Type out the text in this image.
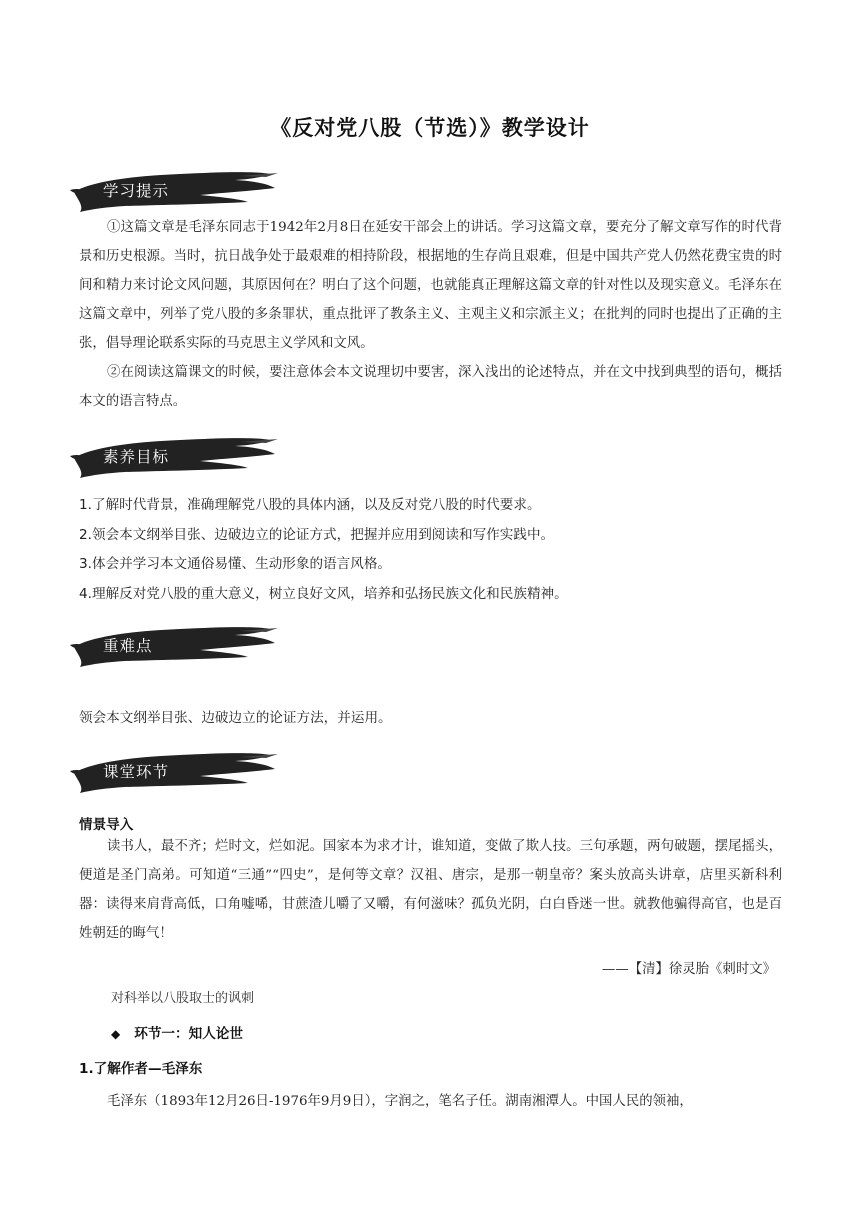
《反对党八股（节选）》教学设计
学习提示

①这篇文章是毛泽东同志于1942年2月8日在延安干部会上的讲话。学习这篇文章，要充分了解文章写作的时代背景和历史根源。当时，抗日战争处于最艰难的相持阶段，根据地的生存尚且艰难，但是中国共产党人仍然花费宝贵的时间和精力来讨论文风问题，其原因何在？明白了这个问题，也就能真正理解这篇文章的针对性以及现实意义。毛泽东在这篇文章中，列举了党八股的多条罪状，重点批评了教条主义、主观主义和宗派主义；在批判的同时也提出了正确的主张，倡导理论联系实际的马克思主义学风和文风。

②在阅读这篇课文的时候，要注意体会本文说理切中要害，深入浅出的论述特点，并在文中找到典型的语句，概括本文的语言特点。

素养目标
1.了解时代背景，准确理解党八股的具体内涵，以及反对党八股的时代要求。
2.领会本文纲举目张、边破边立的论证方式，把握并应用到阅读和写作实践中。
3.体会并学习本文通俗易懂、生动形象的语言风格。
4.理解反对党八股的重大意义，树立良好文风，培养和弘扬民族文化和民族精神。
重难点
领会本文纲举目张、边破边立的论证方法，并运用。
课堂环节
情景导入

读书人，最不齐；烂时文，烂如泥。国家本为求才计，谁知道，变做了欺人技。三句承题，两句破题，摆尾摇头，便道是圣门高弟。可知道“三通”“四史”，是何等文章？汉祖、唐宗，是那一朝皇帝？案头放高头讲章，店里买新科利器：读得来肩背高低，口角嘘唏，甘蔗渣儿嚼了又嚼，有何滋味？孤负光阴，白白昏迷一世。就教他骗得高官，也是百姓朝廷的晦气！

——【清】徐灵胎《刺时文》
对科举以八股取士的讽刺
◆ 环节一：知人论世
1.了解作者—毛泽东
毛泽东（1893年12月26日-1976年9月9日），字润之，笔名子任。湖南湘潭人。中国人民的领袖，
